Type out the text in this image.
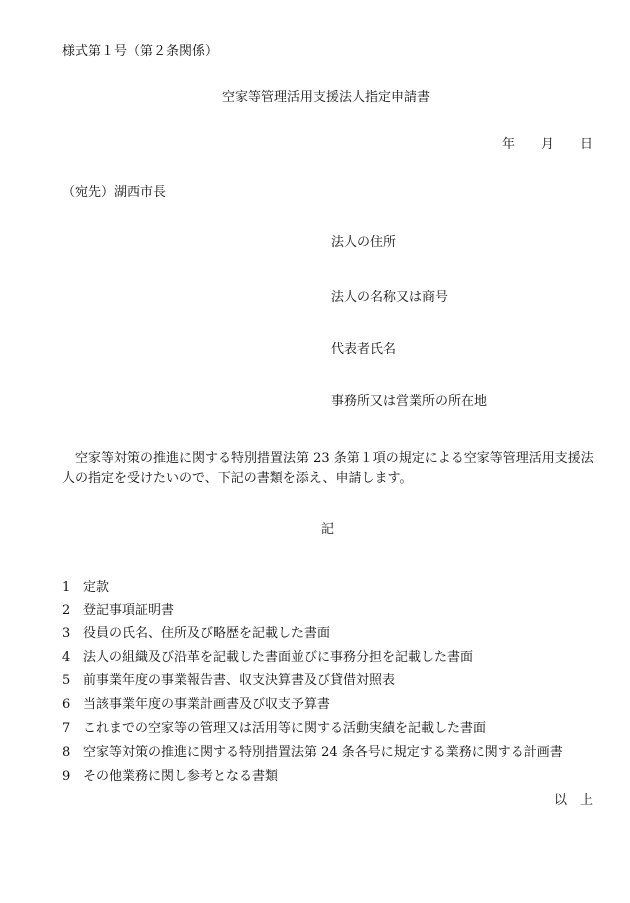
様式第１号（第２条関係）
空家等管理活用支援法人指定申請書
年　　月　　日
（宛先）湖西市長
法人の住所
法人の名称又は商号
代表者氏名
事務所又は営業所の所在地
　空家等対策の推進に関する特別措置法第 23 条第１項の規定による空家等管理活用支援法
人の指定を受けたいので、下記の書類を添え、申請します。
記
1 定款
2 登記事項証明書
3 役員の氏名、住所及び略歴を記載した書面
4 法人の組織及び沿革を記載した書面並びに事務分担を記載した書面
5 前事業年度の事業報告書、収支決算書及び貸借対照表
6 当該事業年度の事業計画書及び収支予算書
7 これまでの空家等の管理又は活用等に関する活動実績を記載した書面
8 空家等対策の推進に関する特別措置法第 24 条各号に規定する業務に関する計画書
9 その他業務に関し参考となる書類
以　上
